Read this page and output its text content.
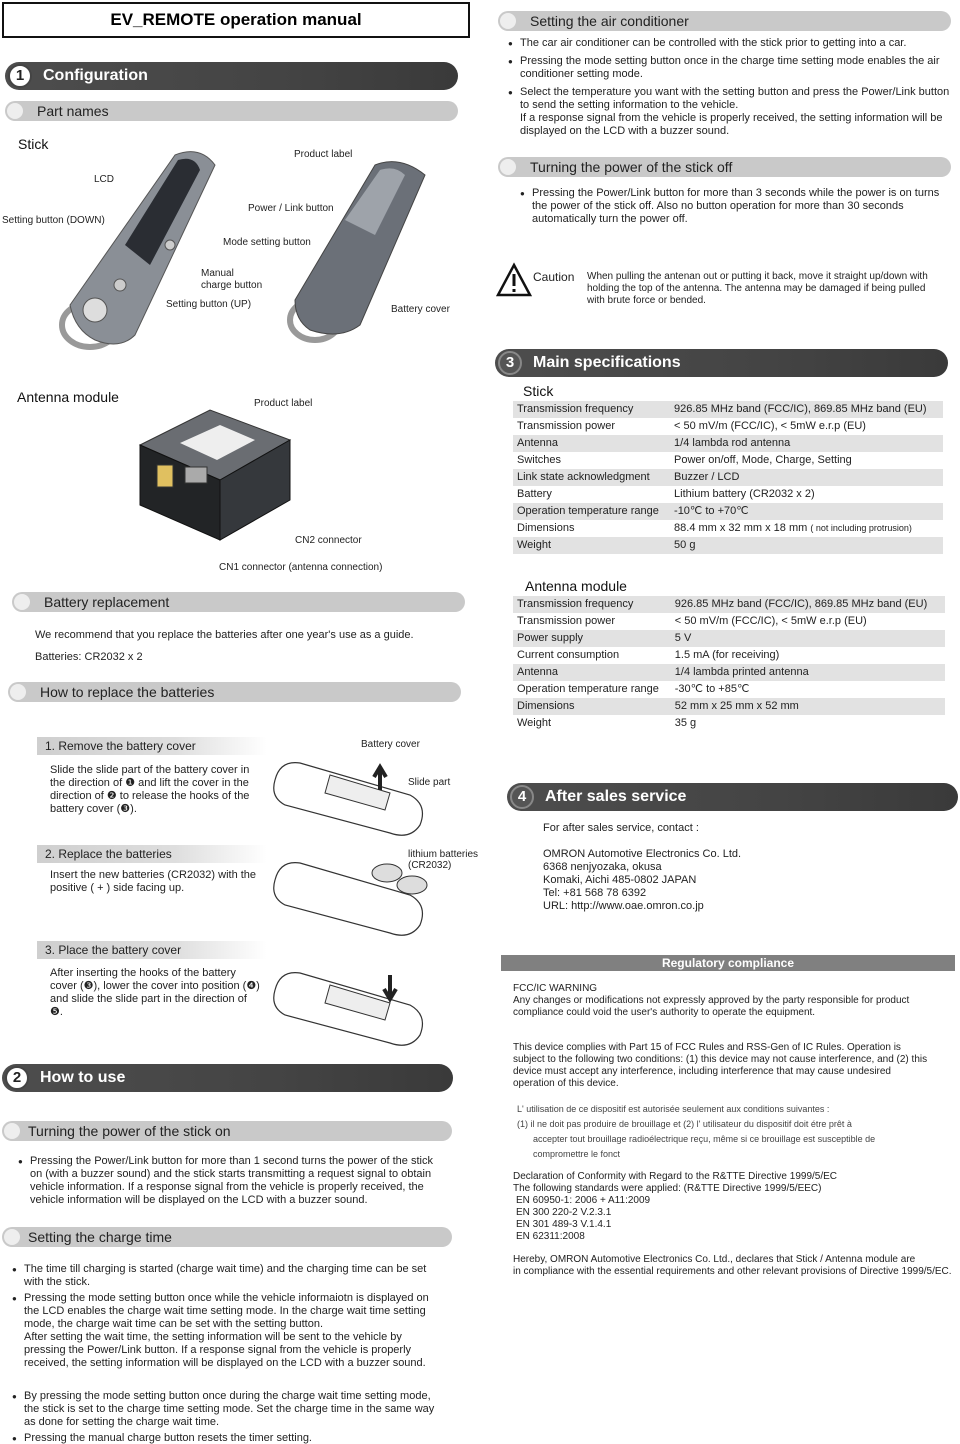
EV_REMOTE operation manual
1	Configuration
Part names
Stick
LCD
Setting button (DOWN)
Power / Link button
Mode setting button
Manual
charge button
Setting button (UP)
Product label
Battery cover
Antenna module	Product label
CN2 connector
CN1 connector (antenna connection)
Battery replacement
We recommend that you replace the batteries after one year's use as a guide.
Batteries: CR2032 x 2
How to replace the batteries
1. Remove the battery cover
Slide the slide part of the battery cover in the direction of ❶ and lift the cover in the direction of ❷ to release the hooks of the battery cover (❸).
2. Replace the batteries
Insert the new batteries (CR2032) with the positive ( + ) side facing up.
3. Place the battery cover
After inserting the hooks of the battery cover (❸), lower the cover into position (❹) and slide the slide part in the direction of ❺.
Battery cover
Slide part
lithium batteries
(CR2032)
2	How to use
Turning the power of the stick on
● Pressing the Power/Link button for more than 1 second turns the power of the stick on (with a buzzer sound) and the stick starts transmitting a request signal to obtain vehicle information. If a response signal from the vehicle is properly received, the vehicle information will be displayed on the LCD with a buzzer sound.
Setting the charge time
● The time till charging is started (charge wait time) and the charging time can be set with the stick.
● Pressing the mode setting button once while the vehicle informaiotn is displayed on the LCD enables the charge wait time setting mode. In the charge wait time setting mode, the charge wait time can be set with the setting button.
After setting the wait time, the setting information will be sent to the vehicle by pressing the Power/Link button. If a response signal from the vehicle is properly received, the setting information will be displayed on the LCD with a buzzer sound.
● By pressing the mode setting button once during the charge wait time setting mode, the stick is set to the charge time setting mode. Set the charge time in the same way as done for setting the charge wait time.
● Pressing the manual charge button resets the timer setting.
Setting the air conditioner
● The car air conditioner can be controlled with the stick prior to getting into a car.
● Pressing the mode setting button once in the charge time setting mode enables the air conditioner setting mode.
● Select the temperature you want with the setting button and press the Power/Link button to send the setting information to the vehicle.
If a response signal from the vehicle is properly received, the setting information will be displayed on the LCD with a buzzer sound.
Turning the power of the stick off
● Pressing the Power/Link button for more than 3 seconds while the power is on turns the power of the stick off. Also no button operation for more than 30 seconds automatically turn the power off.
Caution When pulling the antenan out or putting it back, move it straight up/down with holding the top of the antenna. The antenna may be damaged if being pulled with brute force or bended.
3	Main specifications
Stick
Transmission frequency	926.85 MHz band (FCC/IC), 869.85 MHz band (EU)
Transmission power	< 50 mV/m (FCC/IC), < 5mW e.r.p (EU)
Antenna	1/4 lambda rod antenna
Switches	Power on/off, Mode, Charge, Setting
Link state acknowledgment	Buzzer / LCD
Battery	Lithium battery (CR2032 x 2)
Operation temperature range	-10℃ to +70℃
Dimensions	88.4 mm x 32 mm x 18 mm ( not including protrusion)
Weight	50 g
Antenna module
Transmission frequency	926.85 MHz band (FCC/IC), 869.85 MHz band (EU)
Transmission power	< 50 mV/m (FCC/IC), < 5mW e.r.p (EU)
Power supply	5 V
Current consumption	1.5 mA (for receiving)
Antenna	1/4 lambda printed antenna
Operation temperature range	-30℃ to +85℃
Dimensions	52 mm x 25 mm x 52 mm
Weight	35 g
4	After sales service
For after sales service, contact :
OMRON Automotive Electronics Co. Ltd.
6368 nenjyozaka, okusa
Komaki, Aichi 485-0802 JAPAN
Tel: +81 568 78 6392
URL: http://www.oae.omron.co.jp
Regulatory compliance
FCC/IC WARNING
Any changes or modifications not expressly approved by the party responsible for product compliance could void the user's authority to operate the equipment.
This device complies with Part 15 of FCC Rules and RSS-Gen of IC Rules. Operation is subject to the following two conditions: (1) this device may not cause interference, and (2) this device must accept any interference, including interference that may cause undesired operation of this device.
L' utilisation de ce dispositif est autorisée seulement aux conditions suivantes :
(1) il ne doit pas produire de brouillage et (2) l' utilisateur du dispositif doit étre prêt à
accepter tout brouillage radioélectrique reçu, même si ce brouillage est susceptible de
compromettre le fonct
Declaration of Conformity with Regard to the R&TTE Directive 1999/5/EC
The following standards were applied: (R&TTE Directive 1999/5/EEC)
EN 60950-1: 2006 + A11:2009
EN 300 220-2 V.2.3.1
EN 301 489-3 V.1.4.1
EN 62311:2008
Hereby, OMRON Automotive Electronics Co. Ltd., declares that Stick / Antenna module are
in compliance with the essential requirements and other relevant provisions of Directive 1999/5/EC.
